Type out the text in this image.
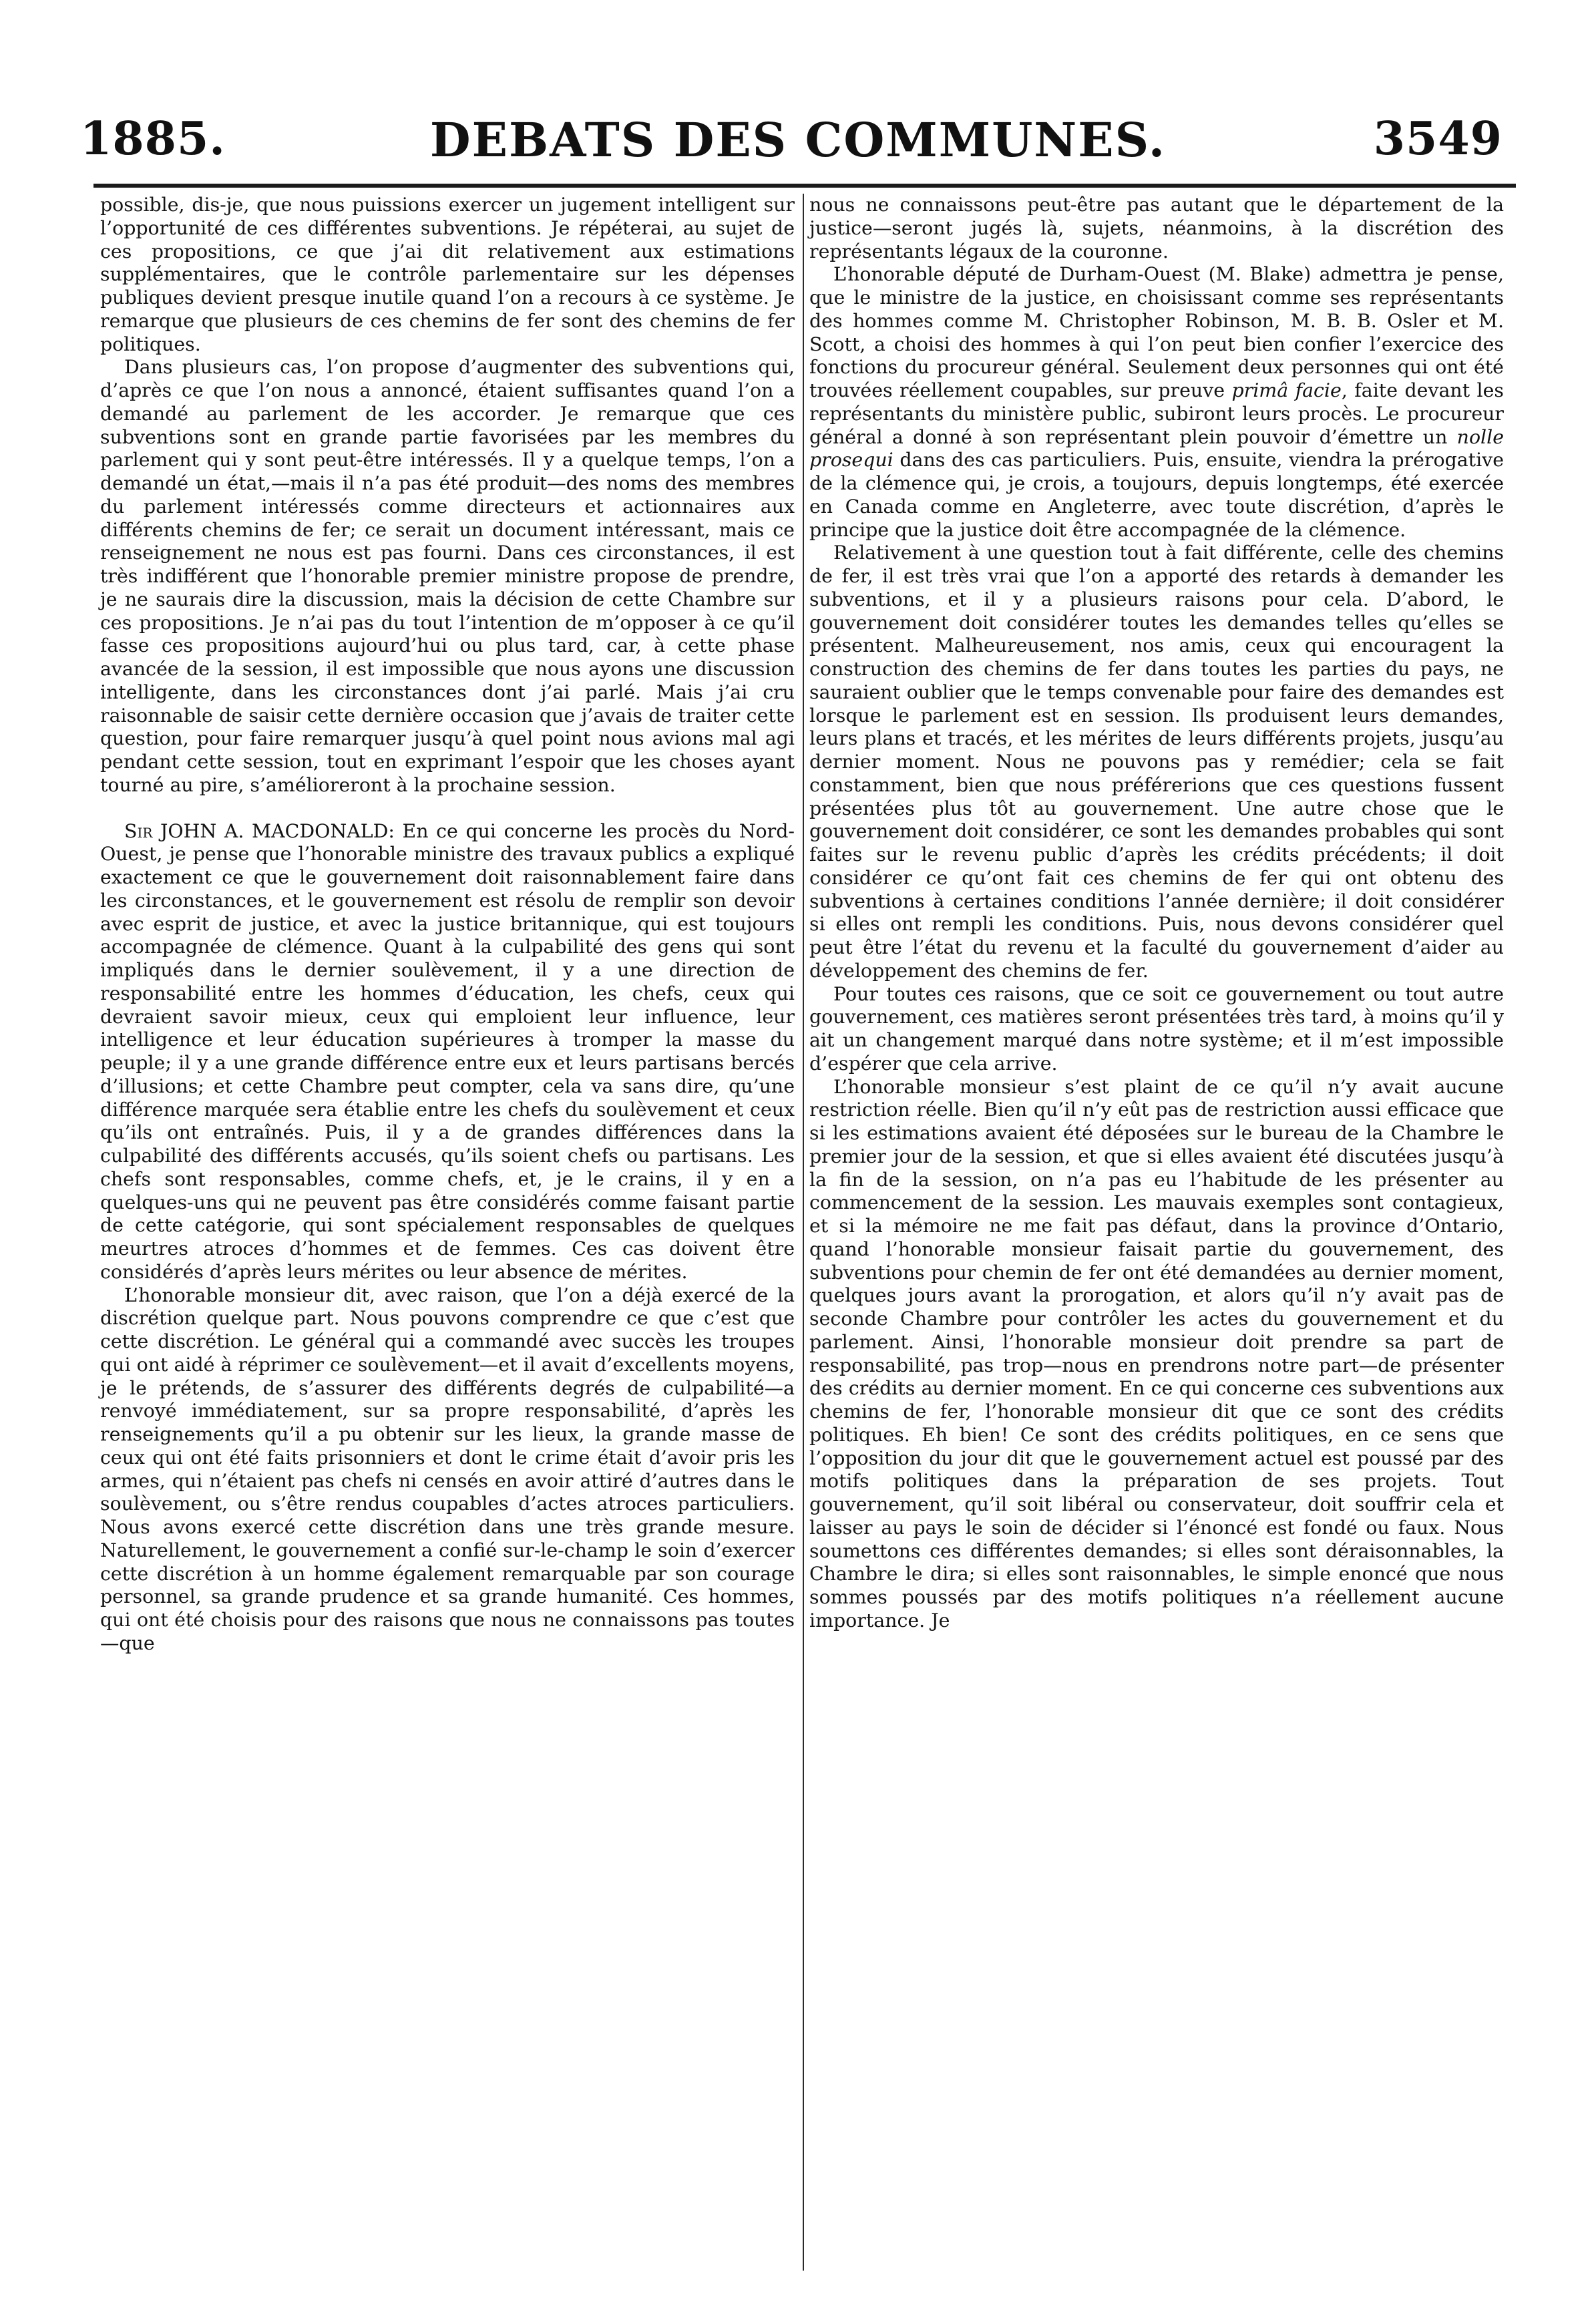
1885.	DEBATS DES COMMUNES.	3549

possible, dis-je, que nous puissions exercer un jugement intelligent sur l’opportunité de ces différentes subventions. Je répéterai, au sujet de ces propositions, ce que j’ai dit relativement aux estimations supplémentaires, que le contrôle parlementaire sur les dépenses publiques devient presque inutile quand l’on a recours à ce système. Je remarque que plusieurs de ces chemins de fer sont des chemins de fer politiques.

Dans plusieurs cas, l’on propose d’augmenter des subventions qui, d’après ce que l’on nous a annoncé, étaient suffisantes quand l’on a demandé au parlement de les accorder. Je remarque que ces subventions sont en grande partie favorisées par les membres du parlement qui y sont peut-être intéressés. Il y a quelque temps, l’on a demandé un état,—mais il n’a pas été produit—des noms des membres du parlement intéressés comme directeurs et actionnaires aux différents chemins de fer; ce serait un document intéressant, mais ce renseignement ne nous est pas fourni. Dans ces circonstances, il est très indifférent que l’honorable premier ministre propose de prendre, je ne saurais dire la discussion, mais la décision de cette Chambre sur ces propositions. Je n’ai pas du tout l’intention de m’opposer à ce qu’il fasse ces propositions aujourd’hui ou plus tard, car, à cette phase avancée de la session, il est impossible que nous ayons une discussion intelligente, dans les circonstances dont j’ai parlé. Mais j’ai cru raisonnable de saisir cette dernière occasion que j’avais de traiter cette question, pour faire remarquer jusqu’à quel point nous avions mal agi pendant cette session, tout en exprimant l’espoir que les choses ayant tourné au pire, s’amélioreront à la prochaine session.

Sir JOHN A. MACDONALD: En ce qui concerne les procès du Nord-Ouest, je pense que l’honorable ministre des travaux publics a expliqué exactement ce que le gouvernement doit raisonnablement faire dans les circonstances, et le gouvernement est résolu de remplir son devoir avec esprit de justice, et avec la justice britannique, qui est toujours accompagnée de clémence. Quant à la culpabilité des gens qui sont impliqués dans le dernier soulèvement, il y a une direction de responsabilité entre les hommes d’éducation, les chefs, ceux qui devraient savoir mieux, ceux qui emploient leur influence, leur intelligence et leur éducation supérieures à tromper la masse du peuple; il y a une grande différence entre eux et leurs partisans bercés d’illusions; et cette Chambre peut compter, cela va sans dire, qu’une différence marquée sera établie entre les chefs du soulèvement et ceux qu’ils ont entraînés. Puis, il y a de grandes différences dans la culpabilité des différents accusés, qu’ils soient chefs ou partisans. Les chefs sont responsables, comme chefs, et, je le crains, il y en a quelques-uns qui ne peuvent pas être considérés comme faisant partie de cette catégorie, qui sont spécialement responsables de quelques meurtres atroces d’hommes et de femmes. Ces cas doivent être considérés d’après leurs mérites ou leur absence de mérites.

L’honorable monsieur dit, avec raison, que l’on a déjà exercé de la discrétion quelque part. Nous pouvons comprendre ce que c’est que cette discrétion. Le général qui a commandé avec succès les troupes qui ont aidé à réprimer ce soulèvement—et il avait d’excellents moyens, je le prétends, de s’assurer des différents degrés de culpabilité—a renvoyé immédiatement, sur sa propre responsabilité, d’après les renseignements qu’il a pu obtenir sur les lieux, la grande masse de ceux qui ont été faits prisonniers et dont le crime était d’avoir pris les armes, qui n’étaient pas chefs ni censés en avoir attiré d’autres dans le soulèvement, ou s’être rendus coupables d’actes atroces particuliers. Nous avons exercé cette discrétion dans une très grande mesure. Naturellement, le gouvernement a confié sur-le-champ le soin d’exercer cette discrétion à un homme également remarquable par son courage personnel, sa grande prudence et sa grande humanité. Ces hommes, qui ont été choisis pour des raisons que nous ne connaissons pas toutes—que

nous ne connaissons peut-être pas autant que le département de la justice—seront jugés là, sujets, néanmoins, à la discrétion des représentants légaux de la couronne.

L’honorable député de Durham-Ouest (M. Blake) admettra je pense, que le ministre de la justice, en choisissant comme ses représentants des hommes comme M. Christopher Robinson, M. B. B. Osler et M. Scott, a choisi des hommes à qui l’on peut bien confier l’exercice des fonctions du procureur général. Seulement deux personnes qui ont été trouvées réellement coupables, sur preuve primâ facie, faite devant les représentants du ministère public, subiront leurs procès. Le procureur général a donné à son représentant plein pouvoir d’émettre un nolle prosequi dans des cas particuliers. Puis, ensuite, viendra la prérogative de la clémence qui, je crois, a toujours, depuis longtemps, été exercée en Canada comme en Angleterre, avec toute discrétion, d’après le principe que la justice doit être accompagnée de la clémence.

Relativement à une question tout à fait différente, celle des chemins de fer, il est très vrai que l’on a apporté des retards à demander les subventions, et il y a plusieurs raisons pour cela. D’abord, le gouvernement doit considérer toutes les demandes telles qu’elles se présentent. Malheureusement, nos amis, ceux qui encouragent la construction des chemins de fer dans toutes les parties du pays, ne sauraient oublier que le temps convenable pour faire des demandes est lorsque le parlement est en session. Ils produisent leurs demandes, leurs plans et tracés, et les mérites de leurs différents projets, jusqu’au dernier moment. Nous ne pouvons pas y remédier; cela se fait constamment, bien que nous préférerions que ces questions fussent présentées plus tôt au gouvernement. Une autre chose que le gouvernement doit considérer, ce sont les demandes probables qui sont faites sur le revenu public d’après les crédits précédents; il doit considérer ce qu’ont fait ces chemins de fer qui ont obtenu des subventions à certaines conditions l’année dernière; il doit considérer si elles ont rempli les conditions. Puis, nous devons considérer quel peut être l’état du revenu et la faculté du gouvernement d’aider au développement des chemins de fer.

Pour toutes ces raisons, que ce soit ce gouvernement ou tout autre gouvernement, ces matières seront présentées très tard, à moins qu’il y ait un changement marqué dans notre système; et il m’est impossible d’espérer que cela arrive.

L’honorable monsieur s’est plaint de ce qu’il n’y avait aucune restriction réelle. Bien qu’il n’y eût pas de restriction aussi efficace que si les estimations avaient été déposées sur le bureau de la Chambre le premier jour de la session, et que si elles avaient été discutées jusqu’à la fin de la session, on n’a pas eu l’habitude de les présenter au commencement de la session. Les mauvais exemples sont contagieux, et si la mémoire ne me fait pas défaut, dans la province d’Ontario, quand l’honorable monsieur faisait partie du gouvernement, des subventions pour chemin de fer ont été demandées au dernier moment, quelques jours avant la prorogation, et alors qu’il n’y avait pas de seconde Chambre pour contrôler les actes du gouvernement et du parlement. Ainsi, l’honorable monsieur doit prendre sa part de responsabilité, pas trop—nous en prendrons notre part—de présenter des crédits au dernier moment. En ce qui concerne ces subventions aux chemins de fer, l’honorable monsieur dit que ce sont des crédits politiques. Eh bien! Ce sont des crédits politiques, en ce sens que l’opposition du jour dit que le gouvernement actuel est poussé par des motifs politiques dans la préparation de ses projets. Tout gouvernement, qu’il soit libéral ou conservateur, doit souffrir cela et laisser au pays le soin de décider si l’énoncé est fondé ou faux. Nous soumettons ces différentes demandes; si elles sont déraisonnables, la Chambre le dira; si elles sont raisonnables, le simple enoncé que nous sommes poussés par des motifs politiques n’a réellement aucune importance. Je
